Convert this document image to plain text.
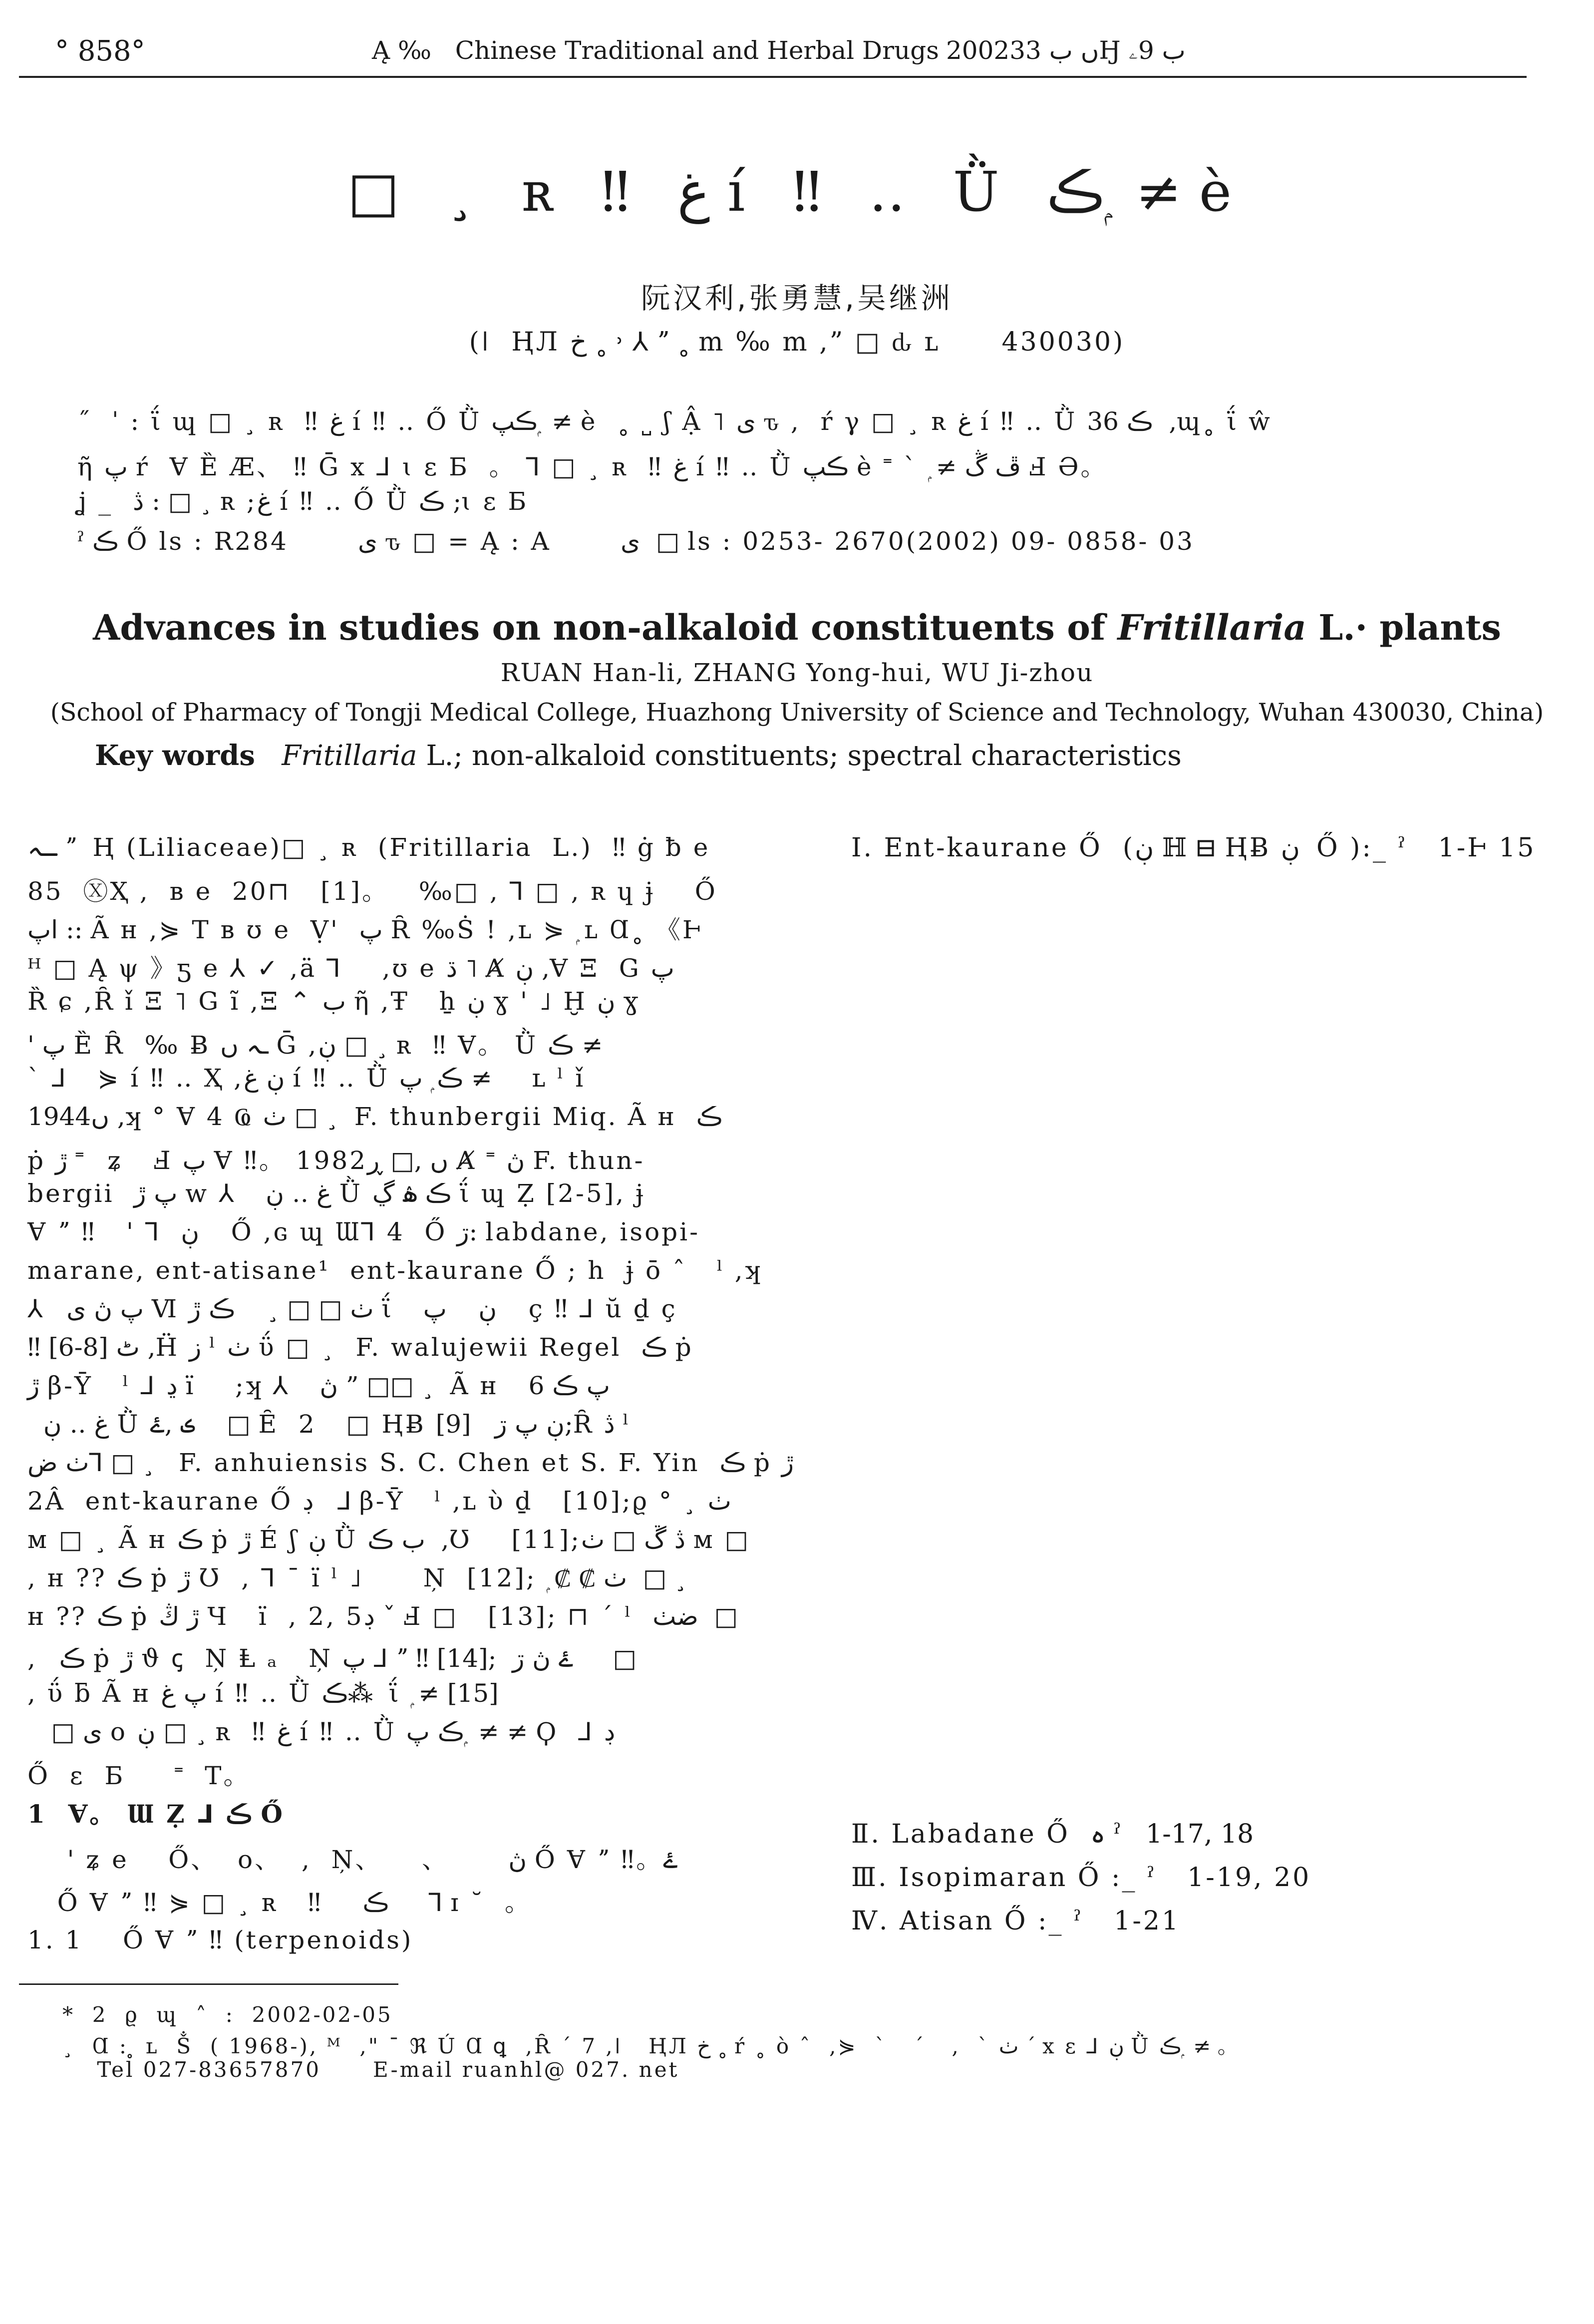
° 858°	Ą ‰   Chinese Traditional and Herbal Drugs 2002ں ب 33Ӈ ب 9ۦ
□ ¸ ʀ ‼ غ í ‼ ‥ Ǜ ڪ ۭ ≠ è
阮汉利,张勇慧,吴继洲
(ǀ  ҢЛ خ ˳ ˒ ⅄ ˮ ˳ m ‰ m ,” □ ԃ ʟ      430030)
˝  ˈ : ΐ ɰ □ ¸ ʀ  ‼ غ í ‼ ‥ Ő Ǜ ڪپ ۭ ≠ è  ˳ ˽ ʃ Ậ ˥ ى ԏ ,  ŕ γ □ ¸ ʀ غ í ‼ ‥ Ǜ ڪ 36  ,ɰ˳ ΐ ŵ
ῆ پ ŕ  Ɐ Ȅ Æ、 ‼ Ḡ x ⅃ ɩ ɛ Ƃ  。 ⅂ □ ¸ ʀ  ‼ غ í ‼ ‥ Ǜ ڪپ è ˭ ˋ ۭ ≠ ڦ ڴ Ⅎ Ə。
ʝ _  ڎ : □ ¸ ʀ ;غ í ‼ ‥ Ő Ǜ ڪ ;ɩ ɛ Ƃ
ˀ ڪ Ő ls : R284       ى ԏ □ = Ą : A       ى  □ ls : 0253- 2670(2002) 09- 0858- 03
Advances in studies on non-alkaloid constituents of Fritillaria L.· plants
RUAN Han-li, ZHANG Yong-hui, WU Ji-zhou
(School of Pharmacy of Tongji Medical College, Huazhong University of Science and Technology, Wuhan 430030, China)
Key words Fritillaria L.; non-alkaloid constituents; spectral characteristics
ـہ ˮ  Ң (Liliaceae)□ ¸ ʀ  (Fritillaria  L.)  ‼ ġ ƀ e
85  ⓍҲ ,  ʙ e  20⊓   [1]。   ‰□ , ⅂ □ , ʀ ɥ ɉ    Ő
اپ :: Ã ʜ ,⋟ T ʙ ʊ e  Ṿ'  پ Ȓ ‰Ṡ ! ,ʟ ⋟ ۭ ʟ Ɑ˳ 《Ͱ
ᴴ □ Ą ψ 》ƽ e ⅄ ✓ ,ä ⅂    ,ʊ e ڌ ˥ Ⱥ ڹ ,Ɐ Ξ  G پ
Ȑ ɕ ,Ȓ ǐ Ξ ˥ G ĩ ,Ξ ⌃ ب ῆ ,Ŧ   ẖ ڹ ɣ ' ˩ Ḫ ڹ ɣ
' پ Ȅ Ȓ  ‰ Ƀ ـہ ں Ḡ ,ڹ □ ¸ ʀ  ‼ Ɐ。 Ǜ ڪ ≠
ˋ ⅃   ⋟ í ‼ ‥ Ҳ ,ڹ غ í ‼ ‥ Ǜ ڪ ۭ پ ≠     ʟ ˡ ǐ
1944ں ,ʞ ° Ɐ 4 Ҩ ٺ □ ¸  F. thunbergii Miq. Ã ʜ  ڪ
ṗ ڙ ˭   ʑ   Ⅎ پ Ɐ ‼。 1982ں ,□ ڕ Ⱥ ˭ ڽ F. thun-
bergii  پ ڙ w ⅄   غ ‥ ڹ Ǜ ڪ ۿ ڲ ΐ ɰ Ẓ [2-5], ɉ
Ɐ ˮ ‼   ' ⅂  ڹ    Ő ,ɢ ɰ Ɯ⅂ 4  Ő ڗ: labdane, isopi-
marane, ent-atisane¹  ent-kaurane Ő ; h  ɉ ō ˆ   ˡ ,ʞ
⅄   پ ڽ ى Ⅵ ٺ □ □ ¸    ڪ ڙ ΐ   ڹ    پ    ç ‼ ⅃ ŭ ḏ ç
‼ [6-8] ٹ ,Ḧ ز ˡ ٺ ΰ □ ¸  F. walujewii Regel  ڪ ṗ
ڙ β-Ȳ   ˡ ⅃ ڍ ï    ;ʞ ⅄   ڽ ” □□ ¸  Ã ʜ   پ ڪ 6
غ ‥ ڹ Ǜ ڪ ,ۓ    □ Ȇ  2   □ ҢɃ ڹ پ ڗ   [9];Ȓ ڎ ˡ
ٺ ض⅂ □ ¸   F. anhuiensis S. C. Chen et S. F. Yin  ڪ ṗ ڙ
2Â  ent-kaurane Ő ڊ   ⅃ β-Ȳ   ˡ ,ʟ ὺ ḏ   [10];ϱ ° ¸ ٺ
ᴍ □ ¸ Ã ʜ ڪ ṗ ڙ É ʃ ڹ Ǜ ب ڪ  ,Ʊ    [11];ڎ ڱ □ ٺ ᴍ □
, ʜ ?? ڪ ṗ ڙ Ʊ  , ⅂ ˉ ï ˡ ˩      Ņ  [12]; ۭ ₡ ₡ ٺ  □ ¸
ʜ ?? ڪ ṗ ڙ ڭ Ч   ï  , 2, 5ڊ ˇ Ⅎ □   [13]; ⊓ ˊ ˡ  ضٺ  □
,   ڪ ṗ ڙ ϑ ꞔ  Ņ Ⱡ ₐ   Ņ پ ⅃ ˮ ‼ [14];  ۓ ڽ ڗ     □
, ΰ ƃ Ã ʜ پ غ í ‼ ‥ Ǜ ڪ⁂  ΐ ۭ ≠ [15]
□ ى o ڹ □ ¸ ʀ  ‼ غ í ‼ ‥ Ǜ ڪ پ ۭ ≠ ≠ Ϙ  ⅃ ڊ
Ő  ɛ  Ƃ     ˭  T。
1  Ɐ。 Ɯ Ẓ ⅃ ڪ Ő
' ʑ e    Ő、  o、  ,  Ņ、    、      ڽ Ő Ɐ ˮ ‼。ۓ
Ő Ɐ ˮ ‼ ⋟ □ ¸ ʀ   ‼    ڪ     ⅂ ɪ ˘  。
1. 1    Ő Ɐ ˮ ‼ (terpenoids)
Ⅰ. Ent-kaurane Ő  (ڹ ℍ ⊟ ҢɃ ڹ  Ő ):_ ˀ   1-Ͱ 15
Ⅱ. Labadane Ő  ہ ˀ   1-17, 18
Ⅲ. Isopimaran Ő :_ ˀ   1-19, 20
Ⅳ. Atisan Ő :_ ˀ   1-21
*  2  ϱ  ɰ  ˄  :  2002-02-05
¸  Ɑ : ̥ ʟ  Ṧ  ( 1968-), ᴹ  ," ¯ ℜ Ú Ɑ ꝗ  ,Ȓ ˊ 7 ,ǀ   ҢЛ خ ˳ ŕ ˳ ò ˆ  ,⋟  ˋ   ˊ   ,  ˋ ٺ ˊ x ɛ ⅃ ڹ Ǜ ڪ ۭ ≠ 。
Tel 027-83657870      E-mail ruanhl@ 027. net
